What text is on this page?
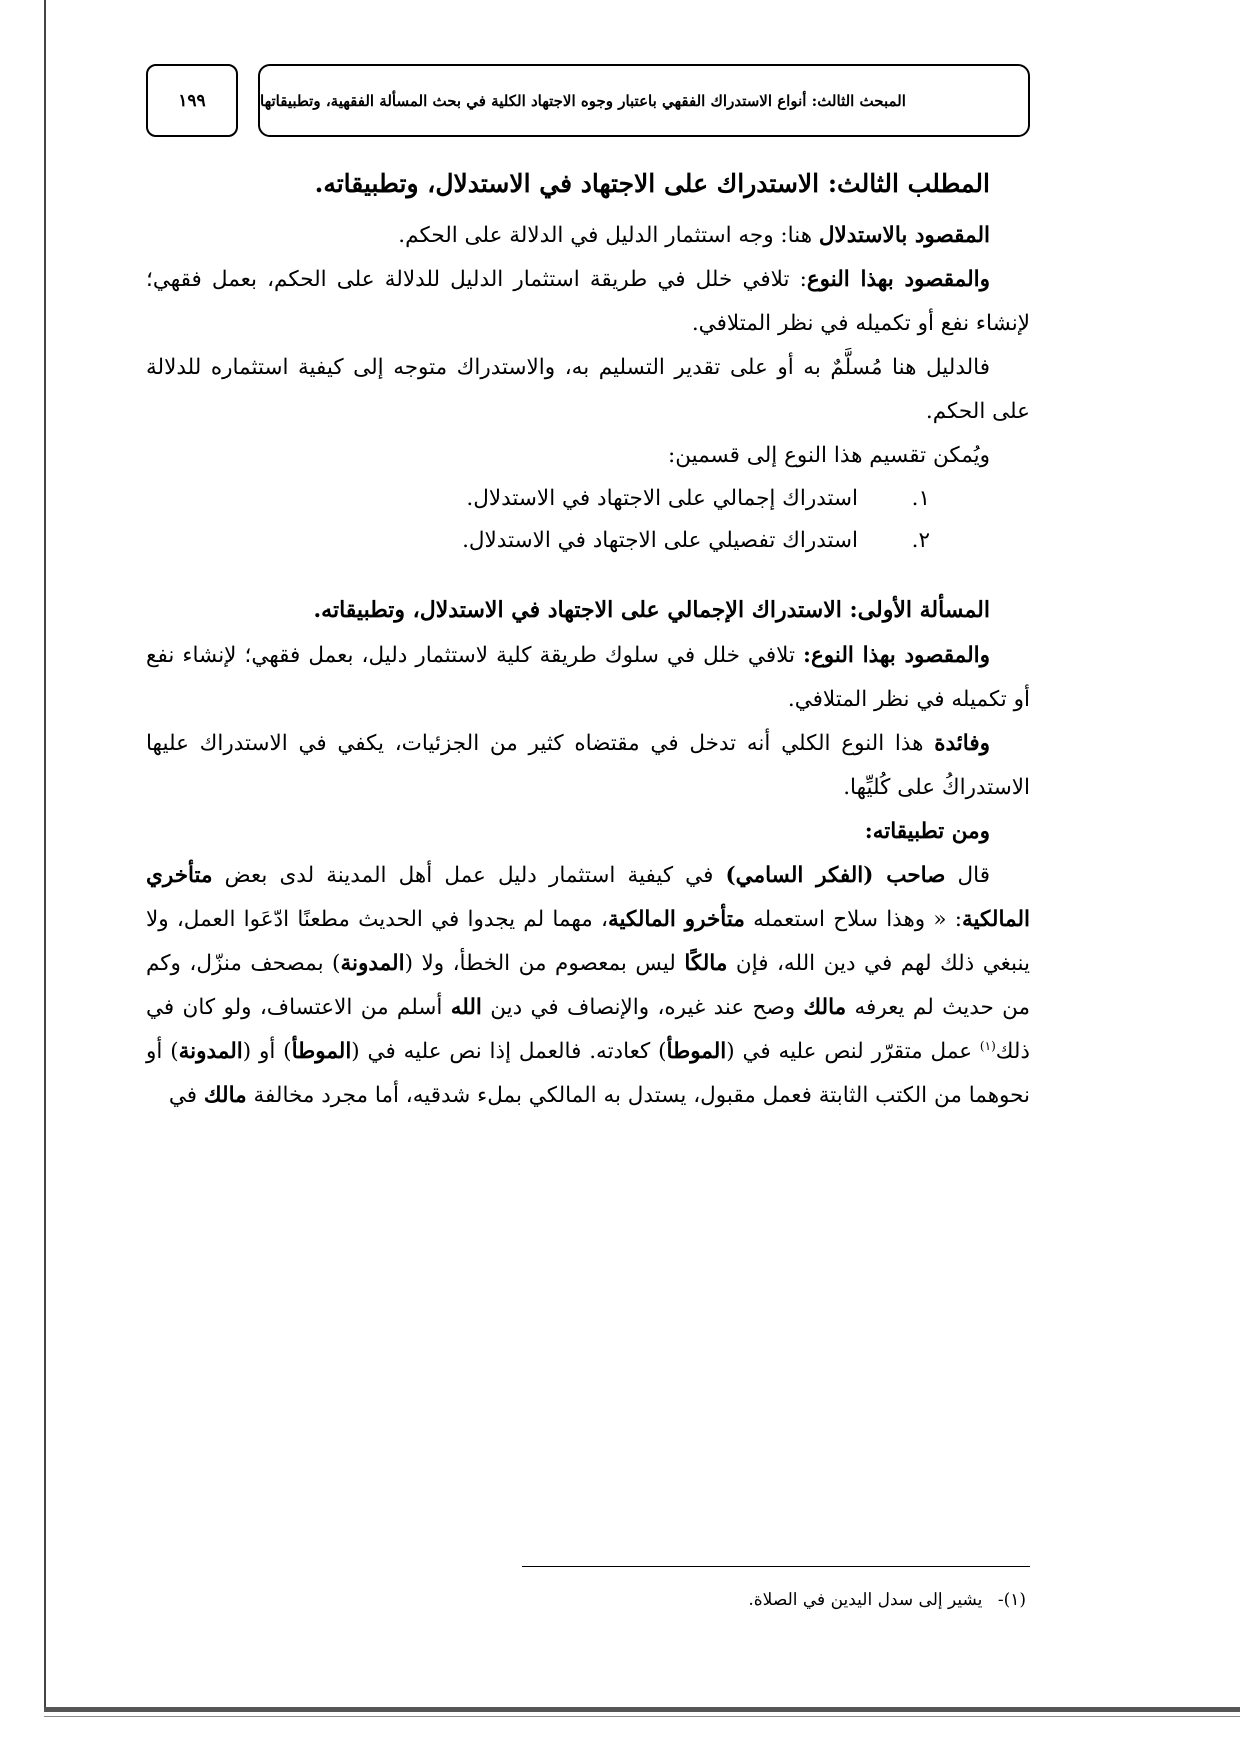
١٩٩	المبحث الثالث: أنواع الاستدراك الفقهي باعتبار وجوه الاجتهاد الكلية في بحث المسألة الفقهية، وتطبيقاتها

المطلب الثالث: الاستدراك على الاجتهاد في الاستدلال، وتطبيقاته.

المقصود بالاستدلال هنا: وجه استثمار الدليل في الدلالة على الحكم.

والمقصود بهذا النوع: تلافي خلل في طريقة استثمار الدليل للدلالة على الحكم، بعمل فقهي؛ لإنشاء نفع أو تكميله في نظر المتلافي.

فالدليل هنا مُسلَّمٌ به أو على تقدير التسليم به، والاستدراك متوجه إلى كيفية استثماره للدلالة على الحكم.

ويُمكن تقسيم هذا النوع إلى قسمين:

١.
استدراك إجمالي على الاجتهاد في الاستدلال.
٢.
استدراك تفصيلي على الاجتهاد في الاستدلال.

المسألة الأولى: الاستدراك الإجمالي على الاجتهاد في الاستدلال، وتطبيقاته.

والمقصود بهذا النوع: تلافي خلل في سلوك طريقة كلية لاستثمار دليل، بعمل فقهي؛ لإنشاء نفع أو تكميله في نظر المتلافي.

وفائدة هذا النوع الكلي أنه تدخل في مقتضاه كثير من الجزئيات، يكفي في الاستدراك عليها الاستدراكُ على كُليِّها.

ومن تطبيقاته:

قال صاحب (الفكر السامي) في كيفية استثمار دليل عمل أهل المدينة لدى بعض متأخري المالكية: « وهذا سلاح استعمله متأخرو المالكية، مهما لم يجدوا في الحديث مطعنًا ادّعَوا العمل، ولا ينبغي ذلك لهم في دين الله، فإن مالكًا ليس بمعصوم من الخطأ، ولا (المدونة) بمصحف منزّل، وكم من حديث لم يعرفه مالك وصح عند غيره، والإنصاف في دين الله أسلم من الاعتساف، ولو كان في ذلك$^{(١)}$ عمل متقرّر لنص عليه في (الموطأ) كعادته. فالعمل إذا نص عليه في (الموطأ) أو (المدونة) أو نحوهما من الكتب الثابتة فعمل مقبول، يستدل به المالكي بملء شدقيه، أما مجرد مخالفة مالك في

(١)- يشير إلى سدل اليدين في الصلاة.
